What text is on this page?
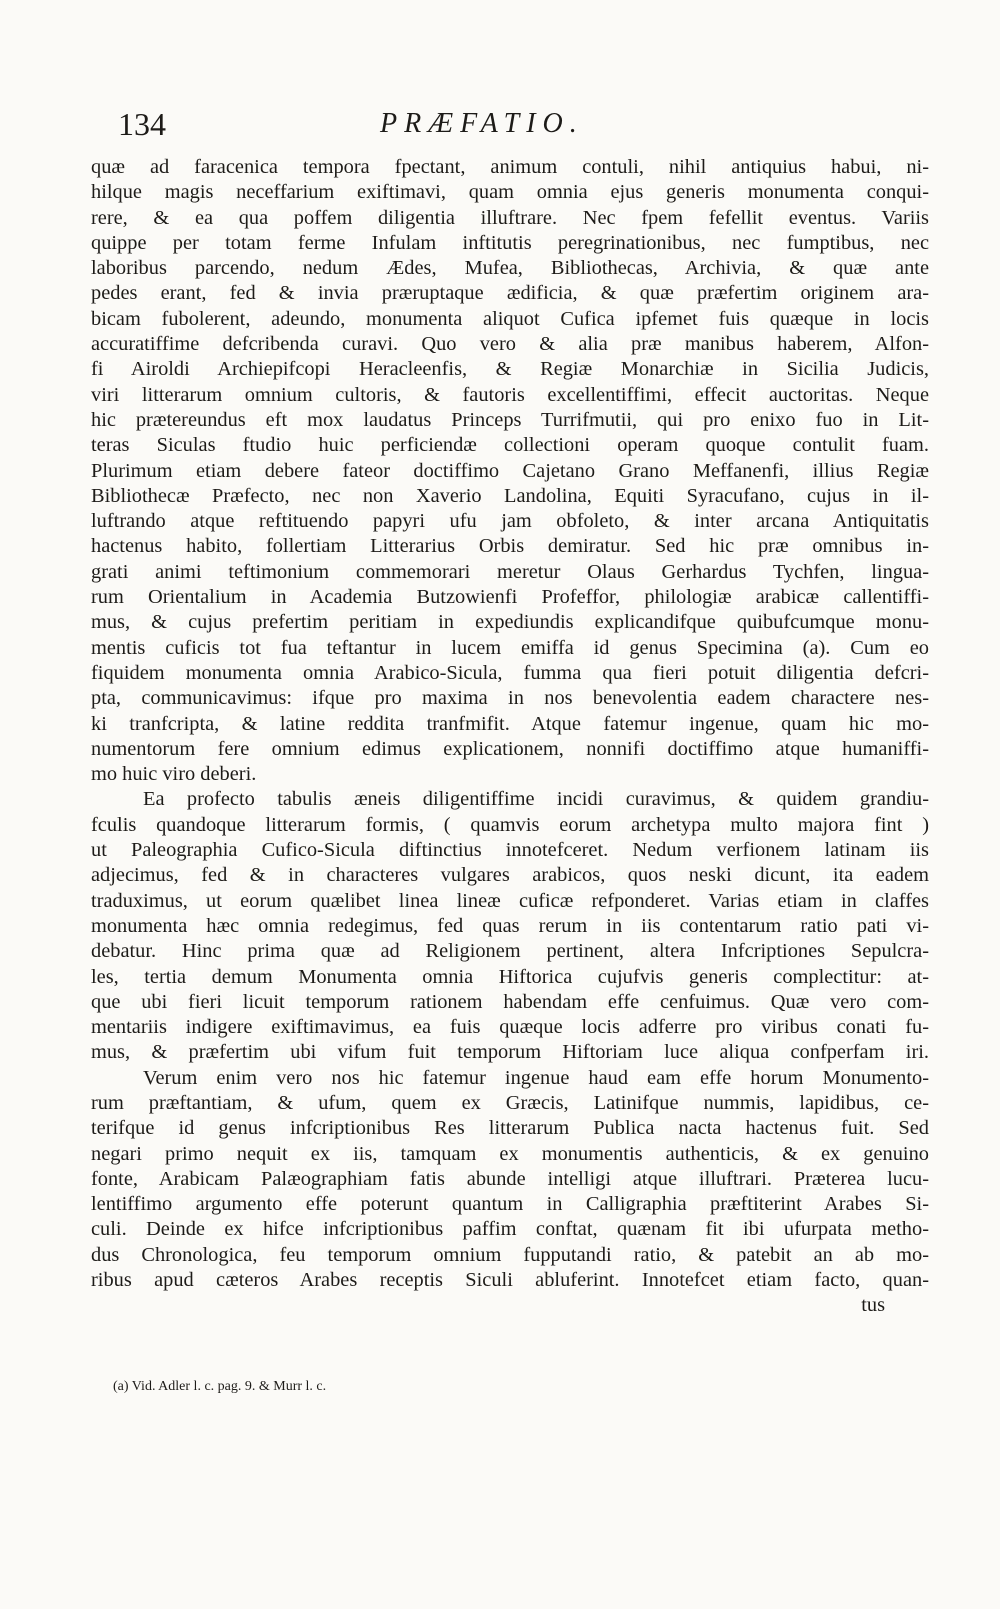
134	PRÆFATIO.
quæ ad faracenica tempora fpectant, animum contuli, nihil antiquius habui, ni-
hilque magis neceffarium exiftimavi, quam omnia ejus generis monumenta conqui-
rere, & ea qua poffem diligentia illuftrare. Nec fpem fefellit eventus. Variis
quippe per totam ferme Infulam inftitutis peregrinationibus, nec fumptibus, nec
laboribus parcendo, nedum Ædes, Mufea, Bibliothecas, Archivia, & quæ ante
pedes erant, fed & invia præruptaque ædificia, & quæ præfertim originem ara-
bicam fubolerent, adeundo, monumenta aliquot Cufica ipfemet fuis quæque in locis
accuratiffime defcribenda curavi. Quo vero & alia præ manibus haberem, Alfon-
fi Airoldi Archiepifcopi Heracleenfis, & Regiæ Monarchiæ in Sicilia Judicis,
viri litterarum omnium cultoris, & fautoris excellentiffimi, effecit auctoritas. Neque
hic prætereundus eft mox laudatus Princeps Turrifmutii, qui pro enixo fuo in Lit-
teras Siculas ftudio huic perficiendæ collectioni operam quoque contulit fuam.
Plurimum etiam debere fateor doctiffimo Cajetano Grano Meffanenfi, illius Regiæ
Bibliothecæ Præfecto, nec non Xaverio Landolina, Equiti Syracufano, cujus in il-
luftrando atque reftituendo papyri ufu jam obfoleto, & inter arcana Antiquitatis
hactenus habito, follertiam Litterarius Orbis demiratur. Sed hic præ omnibus in-
grati animi teftimonium commemorari meretur Olaus Gerhardus Tychfen, lingua-
rum Orientalium in Academia Butzowienfi Profeffor, philologiæ arabicæ callentiffi-
mus, & cujus prefertim peritiam in expediundis explicandifque quibufcumque monu-
mentis cuficis tot fua teftantur in lucem emiffa id genus Specimina (a). Cum eo
fiquidem monumenta omnia Arabico-Sicula, fumma qua fieri potuit diligentia defcri-
pta, communicavimus: ifque pro maxima in nos benevolentia eadem charactere nes-
ki tranfcripta, & latine reddita tranfmifit. Atque fatemur ingenue, quam hic mo-
numentorum fere omnium edimus explicationem, nonnifi doctiffimo atque humaniffi-
mo huic viro deberi.
Ea profecto tabulis æneis diligentiffime incidi curavimus, & quidem grandiu-
fculis quandoque litterarum formis, ( quamvis eorum archetypa multo majora fint )
ut Paleographia Cufico-Sicula diftinctius innotefceret. Nedum verfionem latinam iis
adjecimus, fed & in characteres vulgares arabicos, quos neski dicunt, ita eadem
traduximus, ut eorum quælibet linea lineæ cuficæ refponderet. Varias etiam in claffes
monumenta hæc omnia redegimus, fed quas rerum in iis contentarum ratio pati vi-
debatur. Hinc prima quæ ad Religionem pertinent, altera Infcriptiones Sepulcra-
les, tertia demum Monumenta omnia Hiftorica cujufvis generis complectitur: at-
que ubi fieri licuit temporum rationem habendam effe cenfuimus. Quæ vero com-
mentariis indigere exiftimavimus, ea fuis quæque locis adferre pro viribus conati fu-
mus, & præfertim ubi vifum fuit temporum Hiftoriam luce aliqua confperfam iri.
Verum enim vero nos hic fatemur ingenue haud eam effe horum Monumento-
rum præftantiam, & ufum, quem ex Græcis, Latinifque nummis, lapidibus, ce-
terifque id genus infcriptionibus Res litterarum Publica nacta hactenus fuit. Sed
negari primo nequit ex iis, tamquam ex monumentis authenticis, & ex genuino
fonte, Arabicam Palæographiam fatis abunde intelligi atque illuftrari. Præterea lucu-
lentiffimo argumento effe poterunt quantum in Calligraphia præftiterint Arabes Si-
culi. Deinde ex hifce infcriptionibus paffim conftat, quænam fit ibi ufurpata metho-
dus Chronologica, feu temporum omnium fupputandi ratio, & patebit an ab mo-
ribus apud cæteros Arabes receptis Siculi abluferint. Innotefcet etiam facto, quan-
tus
(a) Vid. Adler l. c. pag. 9. & Murr l. c.
